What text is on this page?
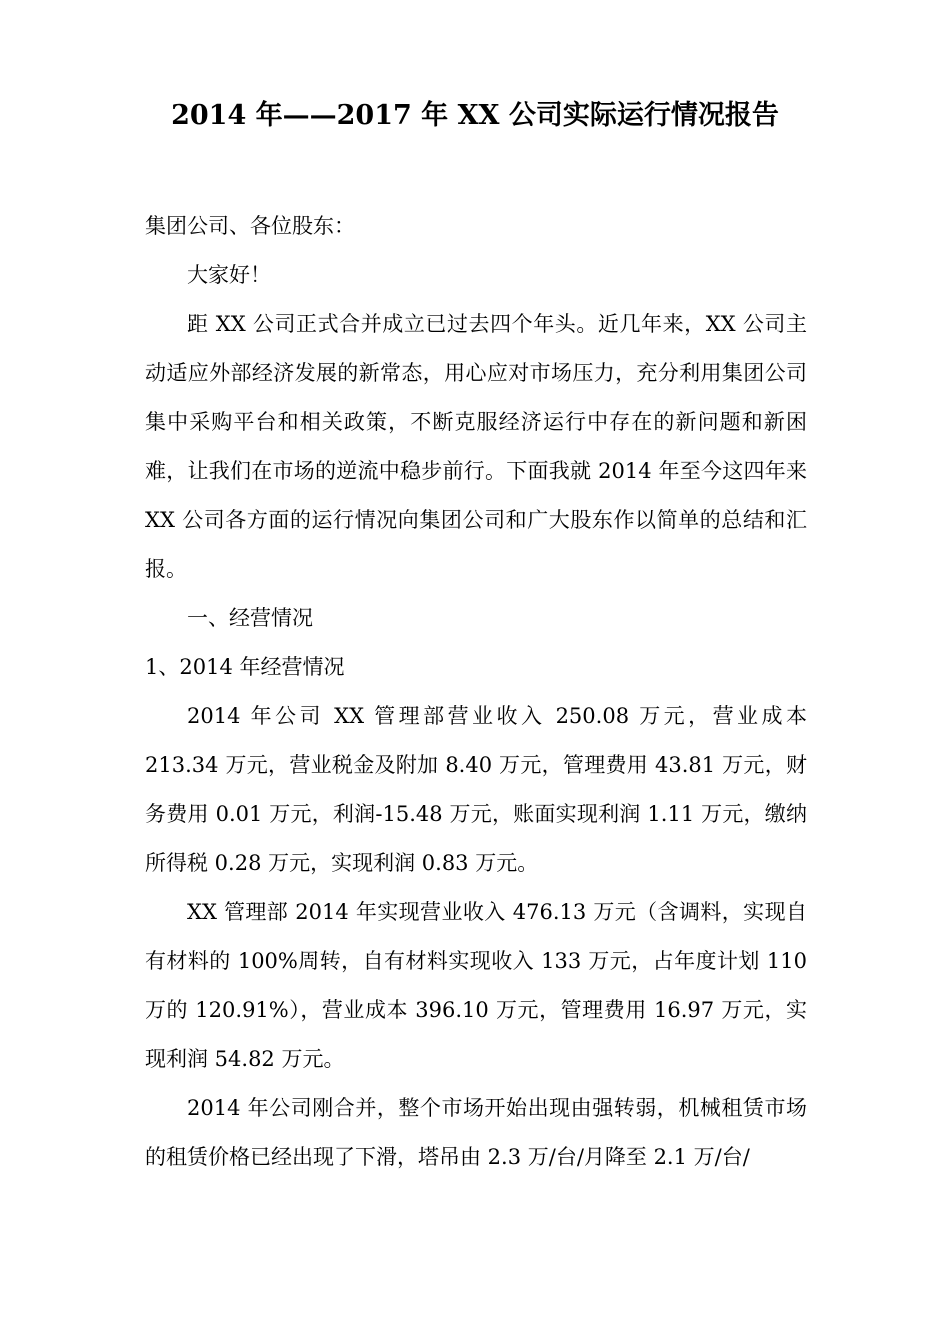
2014 年——2017 年 XX 公司实际运行情况报告

集团公司、各位股东：

大家好！

距 XX 公司正式合并成立已过去四个年头。近几年来，XX 公司主动适应外部经济发展的新常态，用心应对市场压力，充分利用集团公司集中采购平台和相关政策，不断克服经济运行中存在的新问题和新困难，让我们在市场的逆流中稳步前行。下面我就 2014 年至今这四年来 XX 公司各方面的运行情况向集团公司和广大股东作以简单的总结和汇报。

一、经营情况

1、2014 年经营情况

2014 年公司 XX 管理部营业收入 250.08 万元，营业成本 213.34 万元，营业税金及附加 8.40 万元，管理费用 43.81 万元，财务费用 0.01 万元，利润-15.48 万元，账面实现利润 1.11 万元，缴纳所得税 0.28 万元，实现利润 0.83 万元。

XX 管理部 2014 年实现营业收入 476.13 万元（含调料，实现自有材料的 100%周转，自有材料实现收入 133 万元，占年度计划 110 万的 120.91%），营业成本 396.10 万元，管理费用 16.97 万元，实现利润 54.82 万元。

2014 年公司刚合并，整个市场开始出现由强转弱，机械租赁市场的租赁价格已经出现了下滑，塔吊由 2.3 万/台/月降至 2.1 万/台/
